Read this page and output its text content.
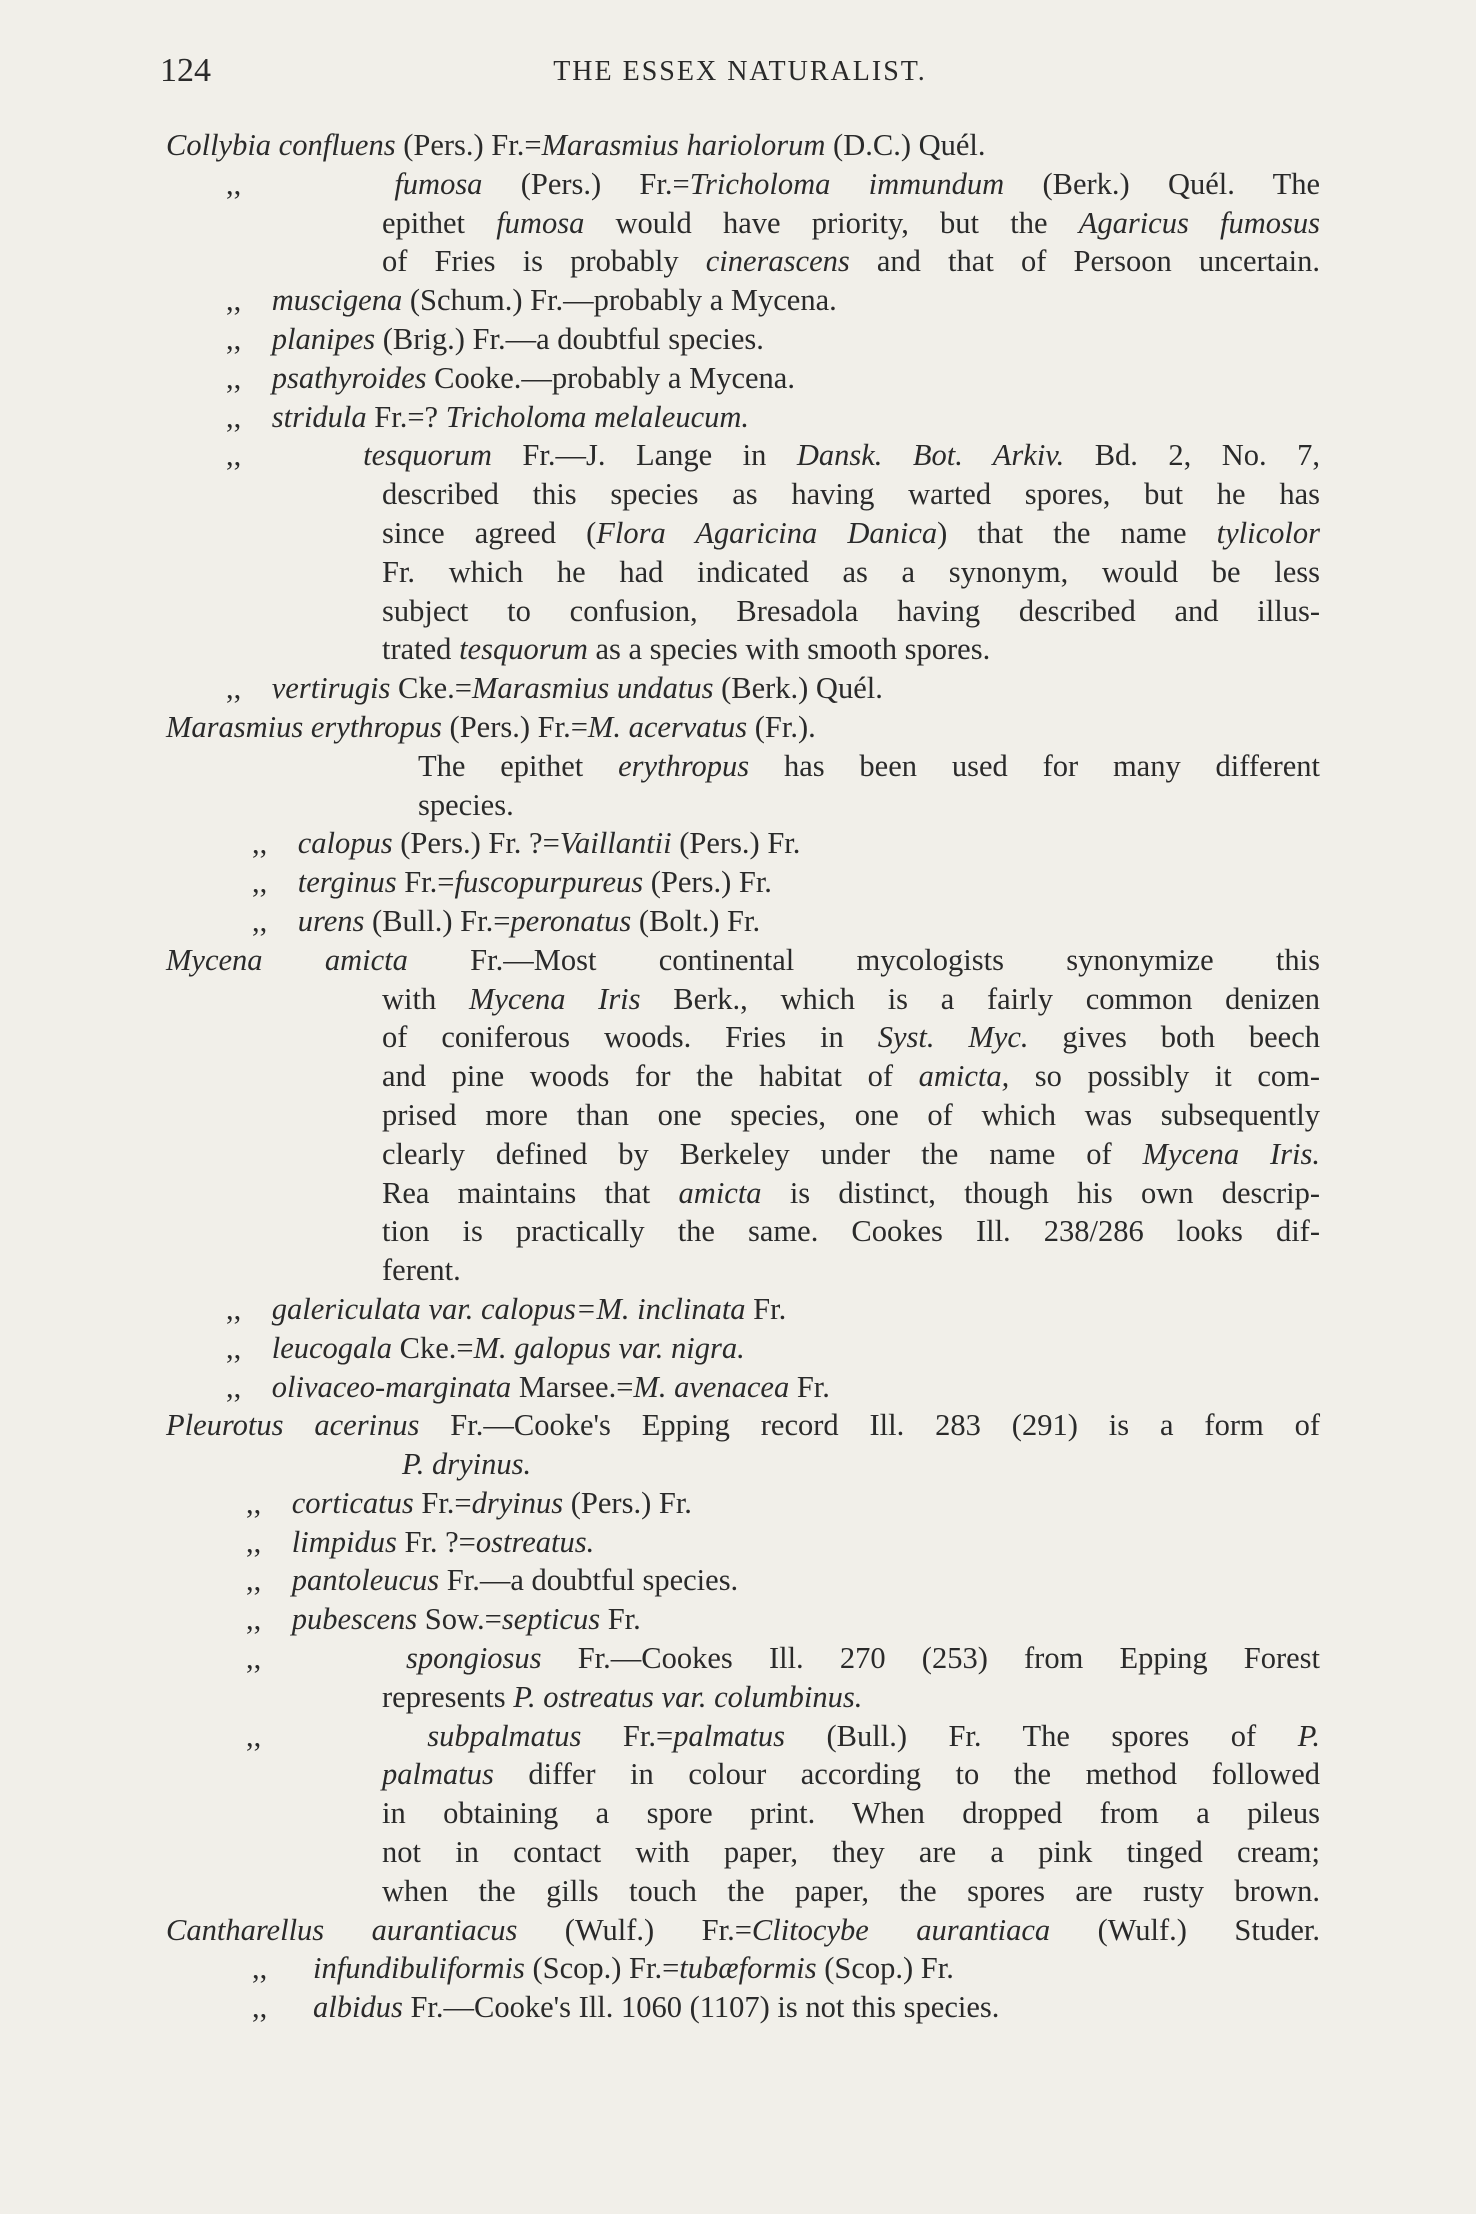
124	THE ESSEX NATURALIST.
Collybia confluens (Pers.) Fr.=Marasmius hariolorum (D.C.) Quél.
,,    fumosa (Pers.) Fr.=Tricholoma immundum (Berk.) Quél. The
epithet fumosa would have priority, but the Agaricus fumosus
of Fries is probably cinerascens and that of Persoon uncertain.
,,    muscigena (Schum.) Fr.—probably a Mycena.
,,    planipes (Brig.) Fr.—a doubtful species.
,,    psathyroides Cooke.—probably a Mycena.
,,    stridula Fr.=? Tricholoma melaleucum.
,,    tesquorum Fr.—J. Lange in Dansk. Bot. Arkiv. Bd. 2, No. 7,
described this species as having warted spores, but he has
since agreed (Flora Agaricina Danica) that the name tylicolor
Fr. which he had indicated as a synonym, would be less
subject to confusion, Bresadola having described and illus-
trated tesquorum as a species with smooth spores.
,,    vertirugis Cke.=Marasmius undatus (Berk.) Quél.
Marasmius erythropus (Pers.) Fr.=M. acervatus (Fr.).
The epithet erythropus has been used for many different
species.
,,    calopus (Pers.) Fr. ?=Vaillantii (Pers.) Fr.
,,    terginus Fr.=fuscopurpureus (Pers.) Fr.
,,    urens (Bull.) Fr.=peronatus (Bolt.) Fr.
Mycena amicta Fr.—Most continental mycologists synonymize this
with Mycena Iris Berk., which is a fairly common denizen
of coniferous woods. Fries in Syst. Myc. gives both beech
and pine woods for the habitat of amicta, so possibly it com-
prised more than one species, one of which was subsequently
clearly defined by Berkeley under the name of Mycena Iris.
Rea maintains that amicta is distinct, though his own descrip-
tion is practically the same. Cookes Ill. 238/286 looks dif-
ferent.
,,    galericulata var. calopus=M. inclinata Fr.
,,    leucogala Cke.=M. galopus var. nigra.
,,    olivaceo-marginata Marsee.=M. avenacea Fr.
Pleurotus acerinus Fr.—Cooke's Epping record Ill. 283 (291) is a form of
P. dryinus.
,,    corticatus Fr.=dryinus (Pers.) Fr.
,,    limpidus Fr. ?=ostreatus.
,,    pantoleucus Fr.—a doubtful species.
,,    pubescens Sow.=septicus Fr.
,,    spongiosus Fr.—Cookes Ill. 270 (253) from Epping Forest
represents P. ostreatus var. columbinus.
,,    subpalmatus Fr.=palmatus (Bull.) Fr. The spores of P.
palmatus differ in colour according to the method followed
in obtaining a spore print. When dropped from a pileus
not in contact with paper, they are a pink tinged cream;
when the gills touch the paper, the spores are rusty brown.
Cantharellus aurantiacus (Wulf.) Fr.=Clitocybe aurantiaca (Wulf.) Studer.
,,      infundibuliformis (Scop.) Fr.=tubæformis (Scop.) Fr.
,,      albidus Fr.—Cooke's Ill. 1060 (1107) is not this species.
